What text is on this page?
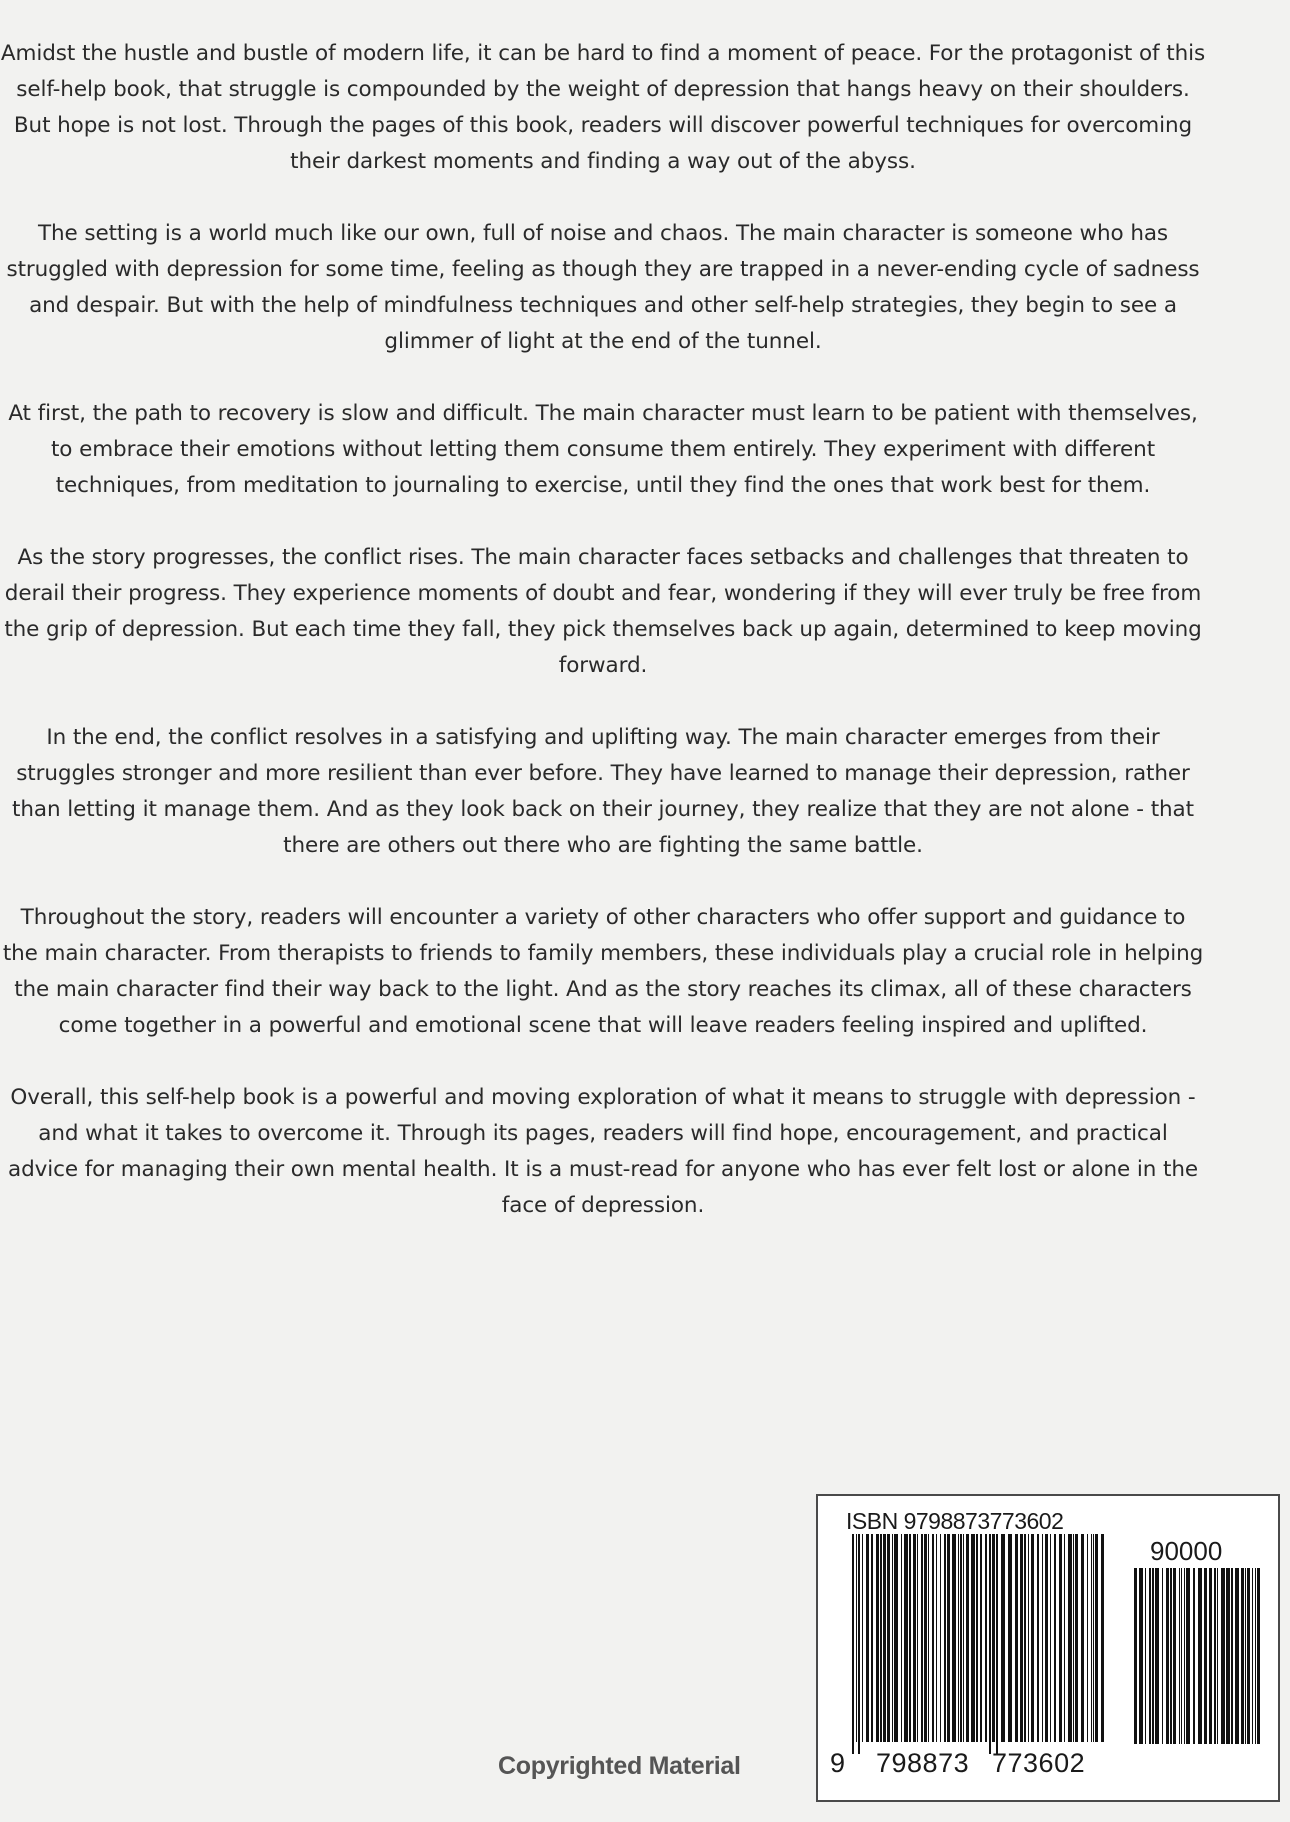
Amidst the hustle and bustle of modern life, it can be hard to find a moment of peace. For the protagonist of this self-help book, that struggle is compounded by the weight of depression that hangs heavy on their shoulders. But hope is not lost. Through the pages of this book, readers will discover powerful techniques for overcoming their darkest moments and finding a way out of the abyss.

The setting is a world much like our own, full of noise and chaos. The main character is someone who has struggled with depression for some time, feeling as though they are trapped in a never-ending cycle of sadness and despair. But with the help of mindfulness techniques and other self-help strategies, they begin to see a glimmer of light at the end of the tunnel.

At first, the path to recovery is slow and difficult. The main character must learn to be patient with themselves, to embrace their emotions without letting them consume them entirely. They experiment with different techniques, from meditation to journaling to exercise, until they find the ones that work best for them.

As the story progresses, the conflict rises. The main character faces setbacks and challenges that threaten to derail their progress. They experience moments of doubt and fear, wondering if they will ever truly be free from the grip of depression. But each time they fall, they pick themselves back up again, determined to keep moving forward.

In the end, the conflict resolves in a satisfying and uplifting way. The main character emerges from their struggles stronger and more resilient than ever before. They have learned to manage their depression, rather than letting it manage them. And as they look back on their journey, they realize that they are not alone - that there are others out there who are fighting the same battle.

Throughout the story, readers will encounter a variety of other characters who offer support and guidance to the main character. From therapists to friends to family members, these individuals play a crucial role in helping the main character find their way back to the light. And as the story reaches its climax, all of these characters come together in a powerful and emotional scene that will leave readers feeling inspired and uplifted.

Overall, this self-help book is a powerful and moving exploration of what it means to struggle with depression - and what it takes to overcome it. Through its pages, readers will find hope, encouragement, and practical advice for managing their own mental health. It is a must-read for anyone who has ever felt lost or alone in the face of depression.

ISBN 9798873773602
90000
9 798873 773602
Copyrighted Material
